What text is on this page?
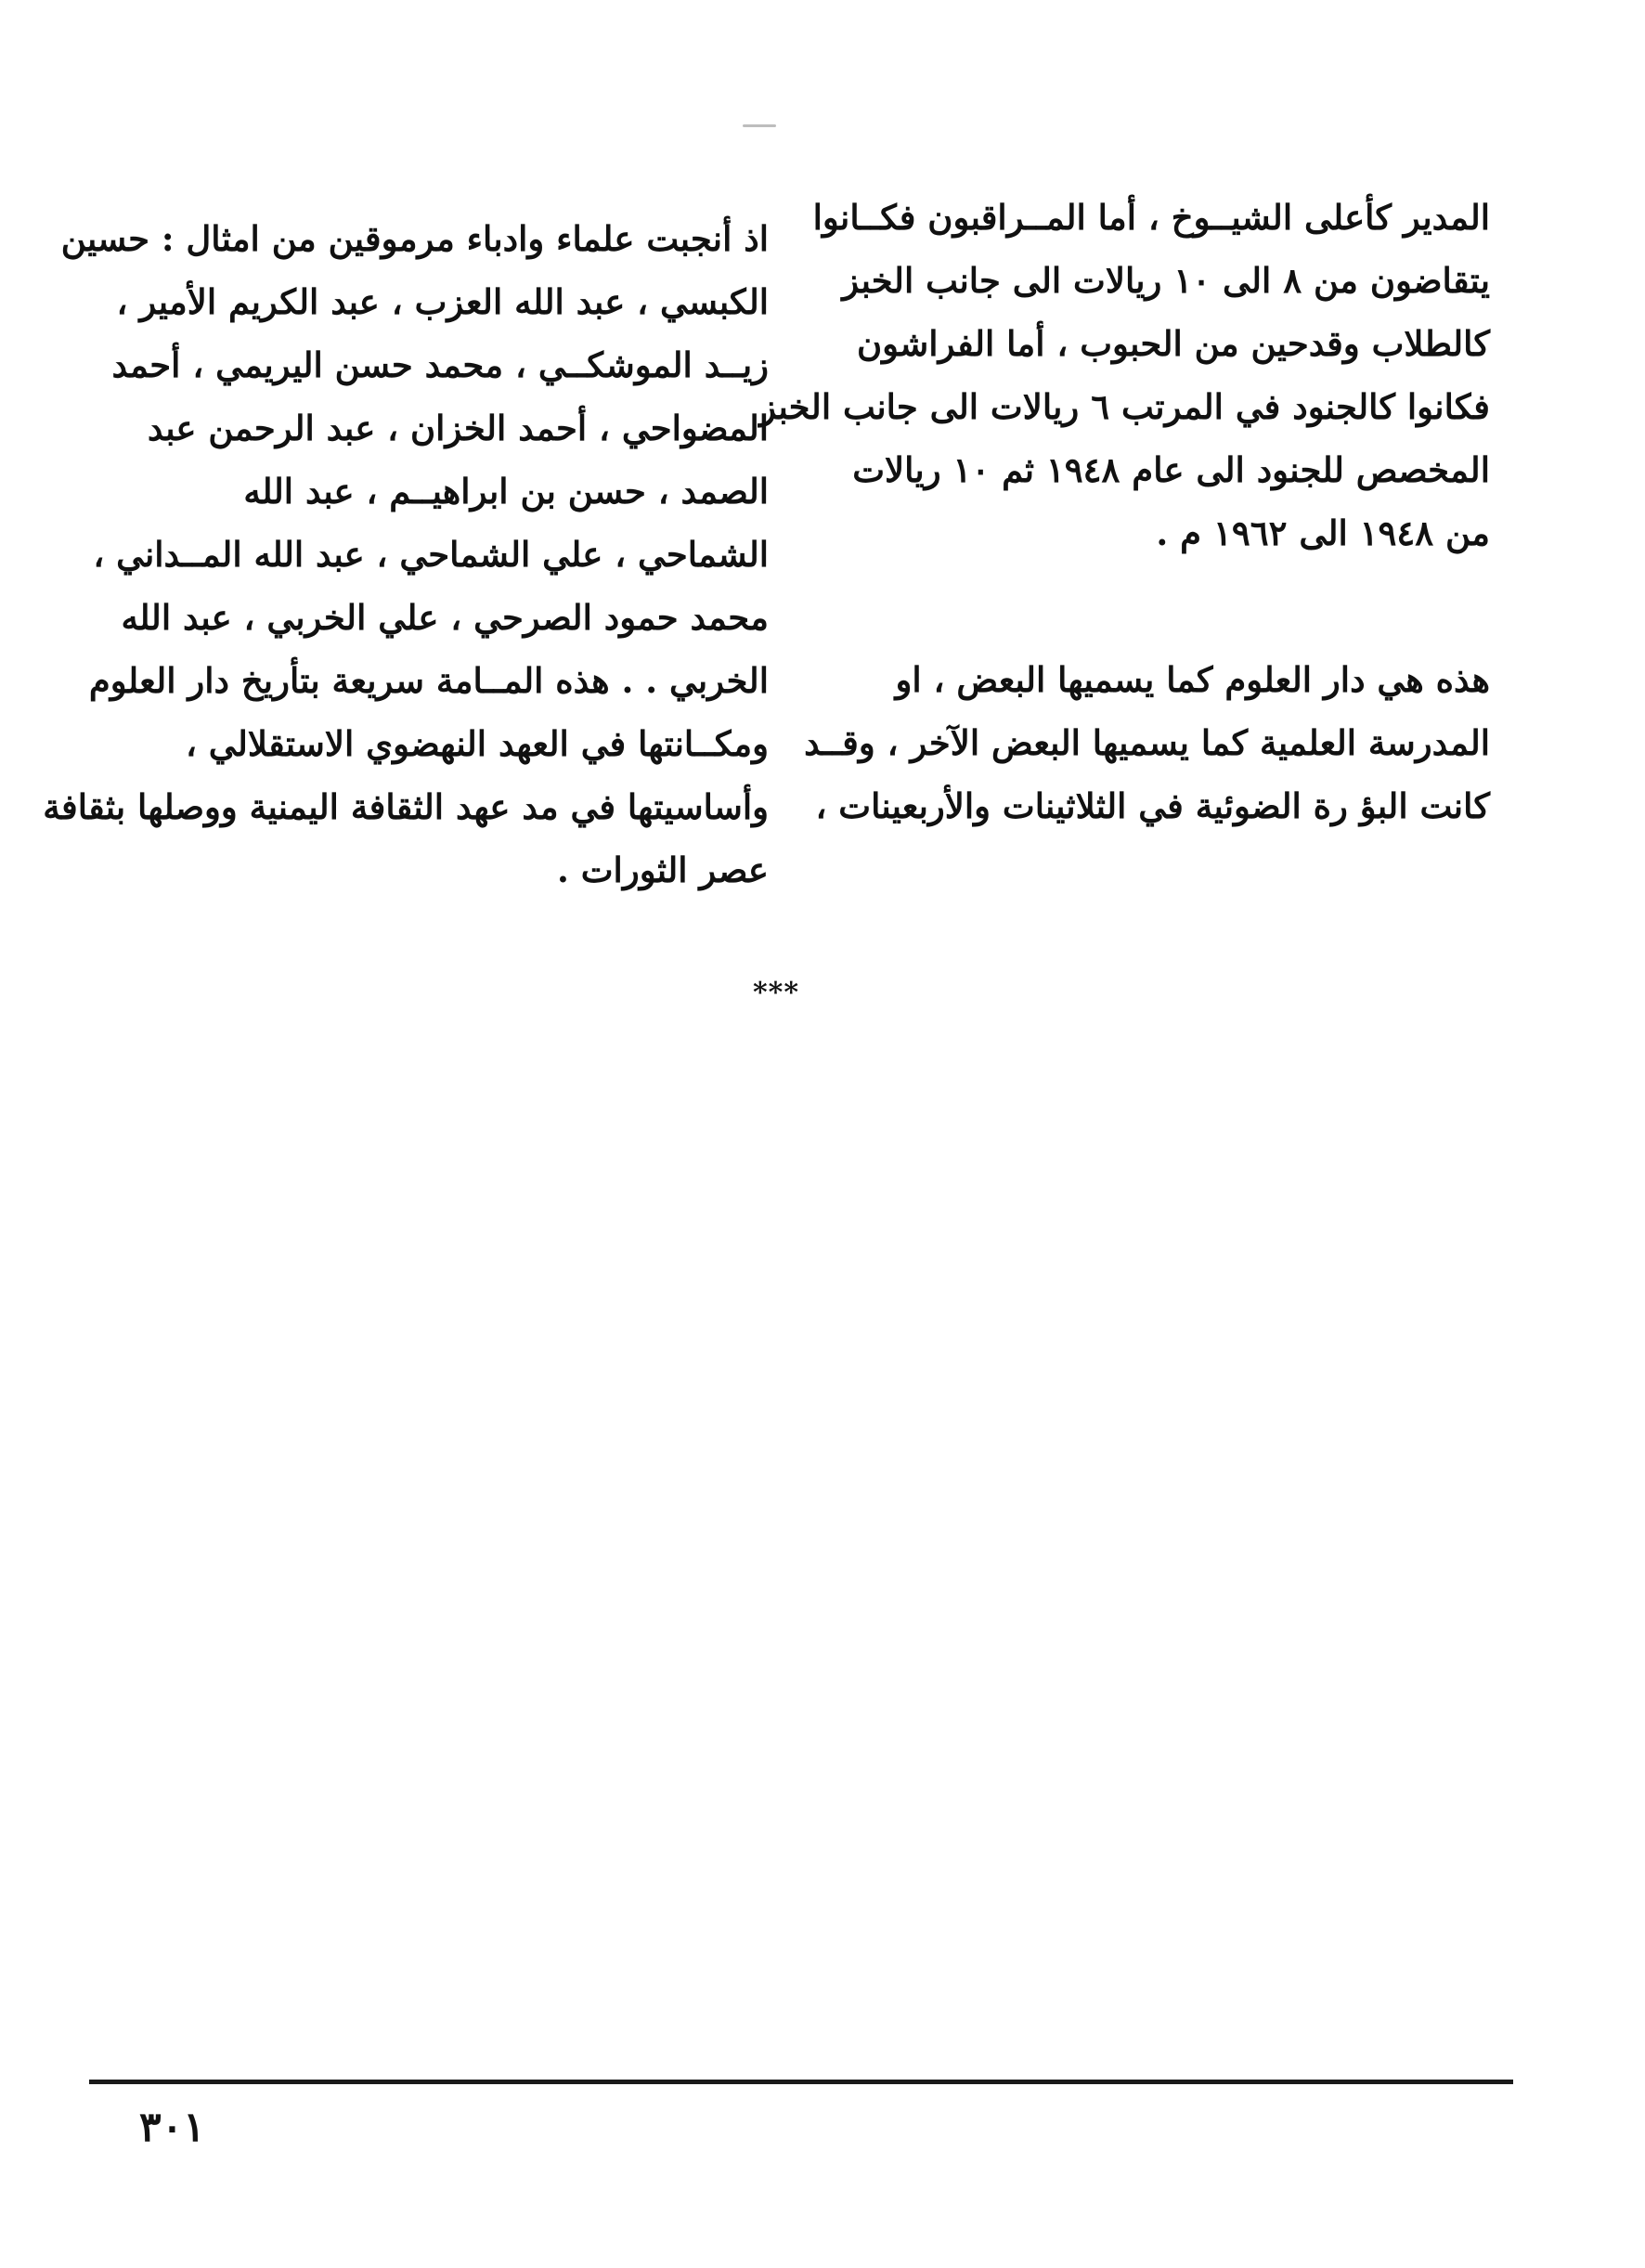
المدير كأعلى الشيــوخ ، أما المــراقبون فكــانوا
يتقاضون من ٨ الى ١٠ ريالات الى جانب الخبز
كالطلاب وقدحين من الحبوب ، أما الفراشون
فكانوا كالجنود في المرتب ٦ ريالات الى جانب الخبز
المخصص للجنود الى عام ١٩٤٨ ثم ١٠ ريالات
من ١٩٤٨ الى ١٩٦٢ م .
هذه هي دار العلوم كما يسميها البعض ، او
المدرسة العلمية كما يسميها البعض الآخر ، وقــد
كانت البؤ رة الضوئية في الثلاثينات والأربعينات ،
اذ أنجبت علماء وادباء مرموقين من امثال : حسين
الكبسي ، عبد الله العزب ، عبد الكريم الأمير ،
زيــد الموشكــي ، محمد حسن اليريمي ، أحمد
المضواحي ، أحمد الخزان ، عبد الرحمن عبد
الصمد ، حسن بن ابراهيــم ، عبد الله
الشماحي ، علي الشماحي ، عبد الله المــداني ،
محمد حمود الصرحي ، علي الخربي ، عبد الله
الخربي . . هذه المــامة سريعة بتأريخ دار العلوم
ومكــانتها في العهد النهضوي الاستقلالي ،
وأساسيتها في مد عهد الثقافة اليمنية ووصلها بثقافة
عصر الثورات .
***
٣٠١
